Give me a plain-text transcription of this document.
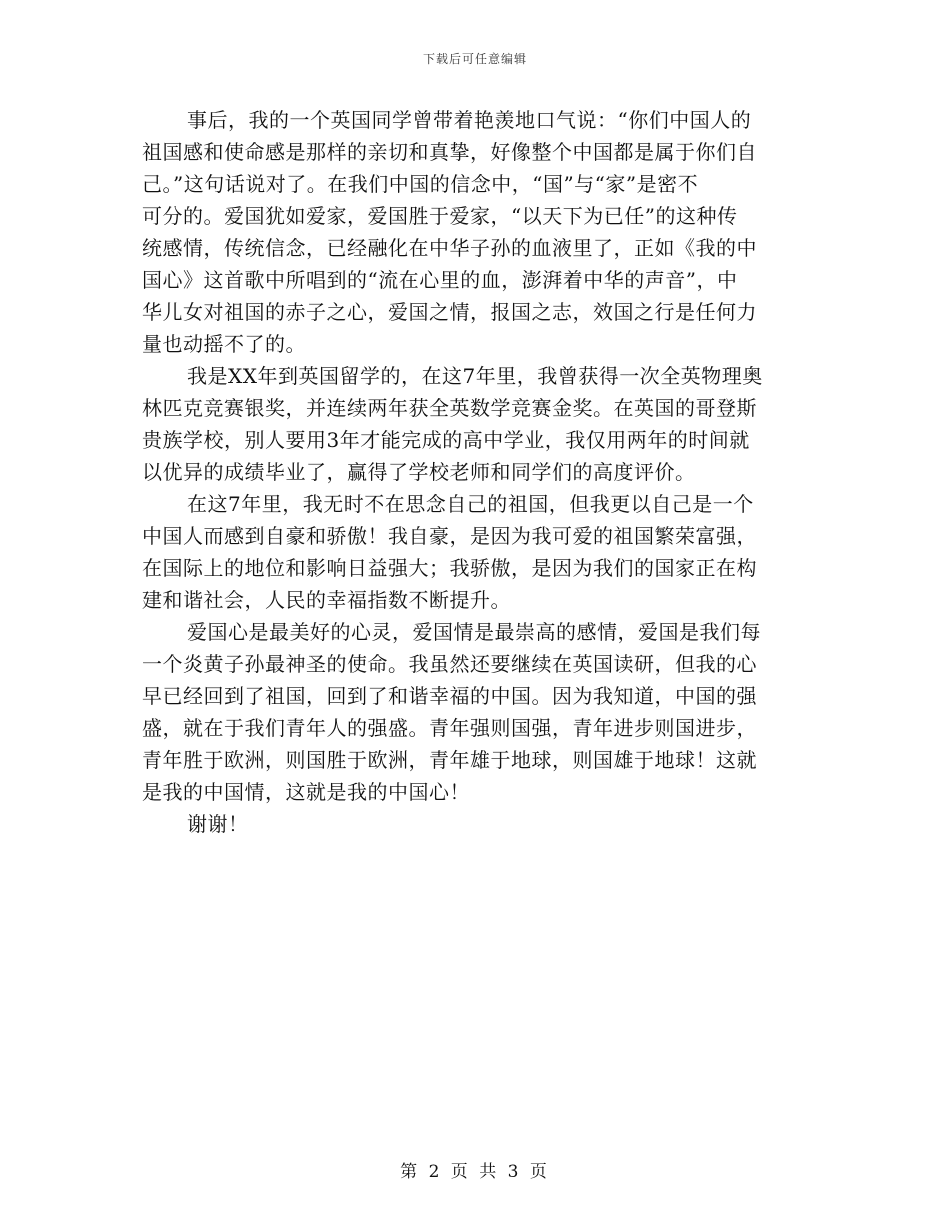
下载后可任意编辑
事后，我的一个英国同学曾带着艳羡地口气说：“你们中国人的
祖国感和使命感是那样的亲切和真挚，好像整个中国都是属于你们自
己。”这句话说对了。在我们中国的信念中，“国”与“家”是密不
可分的。爱国犹如爱家，爱国胜于爱家，“以天下为已任”的这种传
统感情，传统信念，已经融化在中华子孙的血液里了，正如《我的中
国心》这首歌中所唱到的“流在心里的血，澎湃着中华的声音”，中
华儿女对祖国的赤子之心，爱国之情，报国之志，效国之行是任何力
量也动摇不了的。
我是XX年到英国留学的，在这7年里，我曾获得一次全英物理奥
林匹克竞赛银奖，并连续两年获全英数学竞赛金奖。在英国的哥登斯
贵族学校，别人要用3年才能完成的高中学业，我仅用两年的时间就
以优异的成绩毕业了，赢得了学校老师和同学们的高度评价。
在这7年里，我无时不在思念自己的祖国，但我更以自己是一个
中国人而感到自豪和骄傲！我自豪，是因为我可爱的祖国繁荣富强，
在国际上的地位和影响日益强大；我骄傲，是因为我们的国家正在构
建和谐社会，人民的幸福指数不断提升。
爱国心是最美好的心灵，爱国情是最崇高的感情，爱国是我们每
一个炎黄子孙最神圣的使命。我虽然还要继续在英国读研，但我的心
早已经回到了祖国，回到了和谐幸福的中国。因为我知道，中国的强
盛，就在于我们青年人的强盛。青年强则国强，青年进步则国进步，
青年胜于欧洲，则国胜于欧洲，青年雄于地球，则国雄于地球！这就
是我的中国情，这就是我的中国心！
谢谢！
第 2 页 共 3 页
